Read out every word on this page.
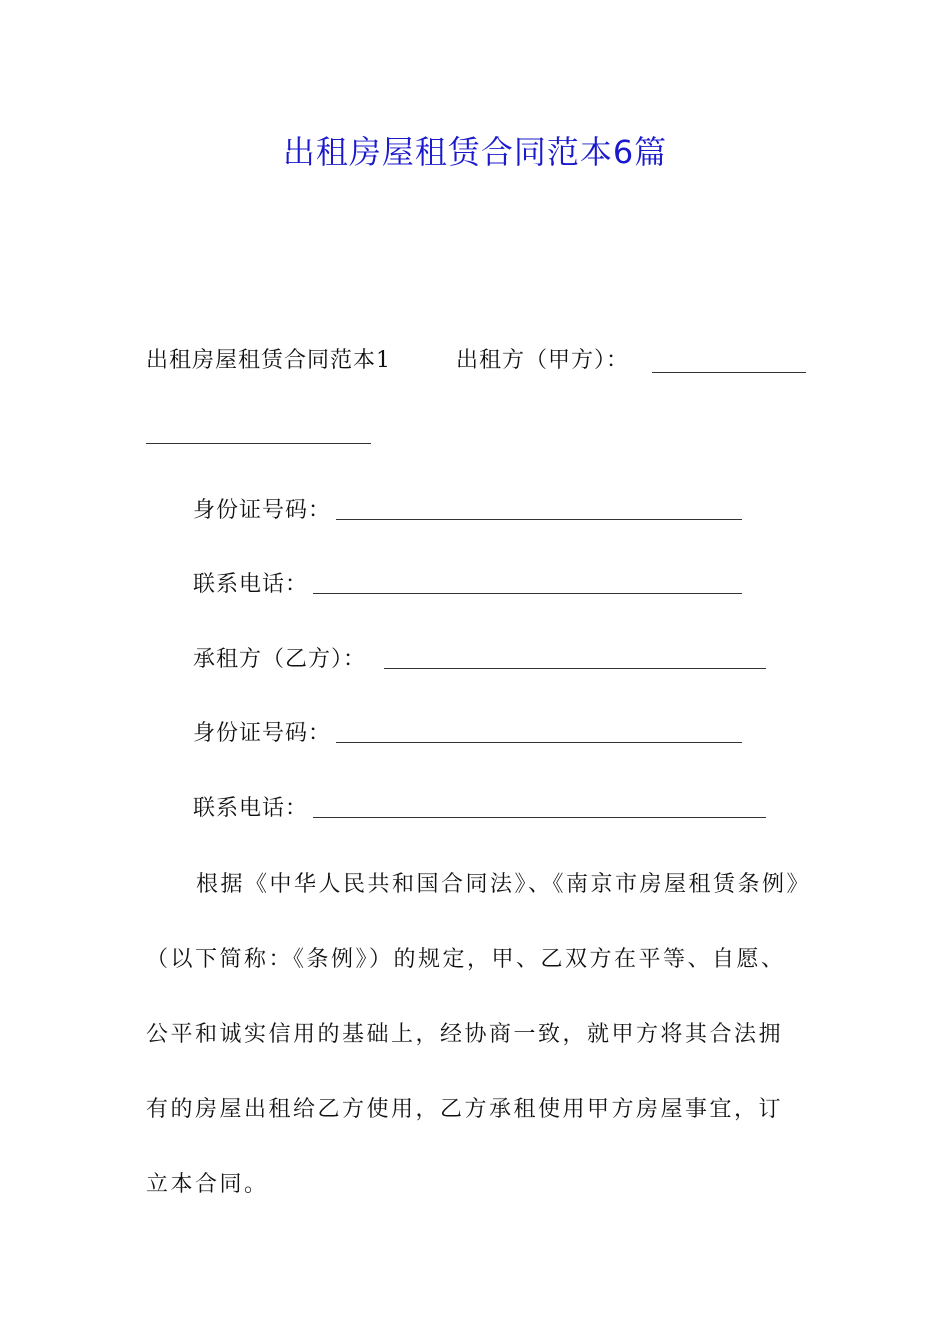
出租房屋租赁合同范本6篇
出租房屋租赁合同范本1	出租方（甲方）：
身份证号码：
联系电话：
承租方（乙方）：
身份证号码：
联系电话：
根据《中华人民共和国合同法》、《南京市房屋租赁条例》（以下简称：《条例》）的规定，甲、乙双方在平等、自愿、公平和诚实信用的基础上，经协商一致，就甲方将其合法拥有的房屋出租给乙方使用，乙方承租使用甲方房屋事宜，订立本合同。
